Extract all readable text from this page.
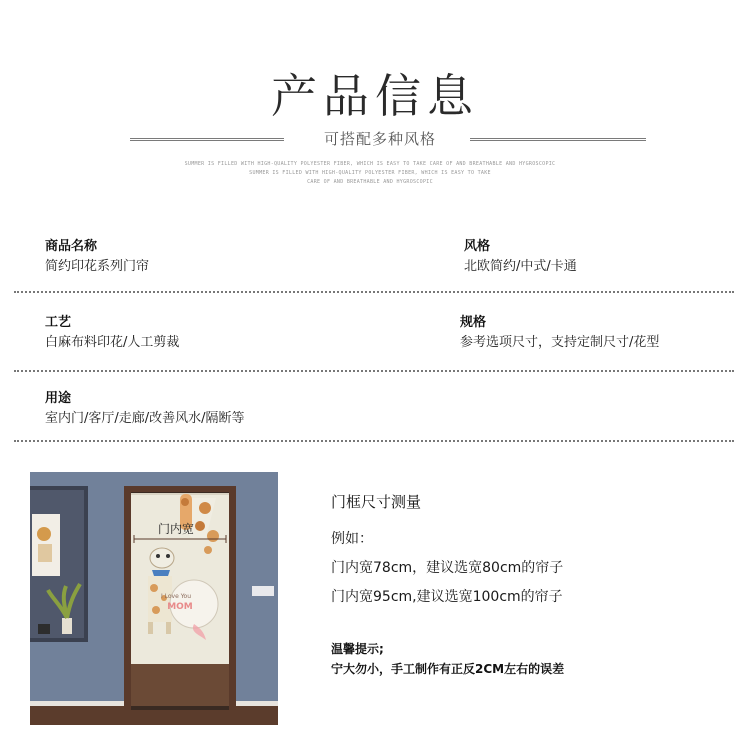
产品信息
可搭配多种风格
SUMMER IS FILLED WITH HIGH-QUALITY POLYESTER FIBER, WHICH IS EASY TO TAKE CARE OF AND BREATHABLE AND HYGROSCOPIC
SUMMER IS FILLED WITH HIGH-QUALITY POLYESTER FIBER, WHICH IS EASY TO TAKE
CARE OF AND BREATHABLE AND HYGROSCOPIC
商品名称
简约印花系列门帘
风格
北欧简约/中式/卡通
工艺
白麻布料印花/人工剪裁
规格
参考选项尺寸，支持定制尺寸/花型
用途
室内门/客厅/走廊/改善风水/隔断等
I Love You
MOM
门内宽
门框尺寸测量
例如：
门内宽78cm，建议选宽80cm的帘子
门内宽95cm,建议选宽100cm的帘子
温馨提示;
宁大勿小，手工制作有正反2CM左右的误差
